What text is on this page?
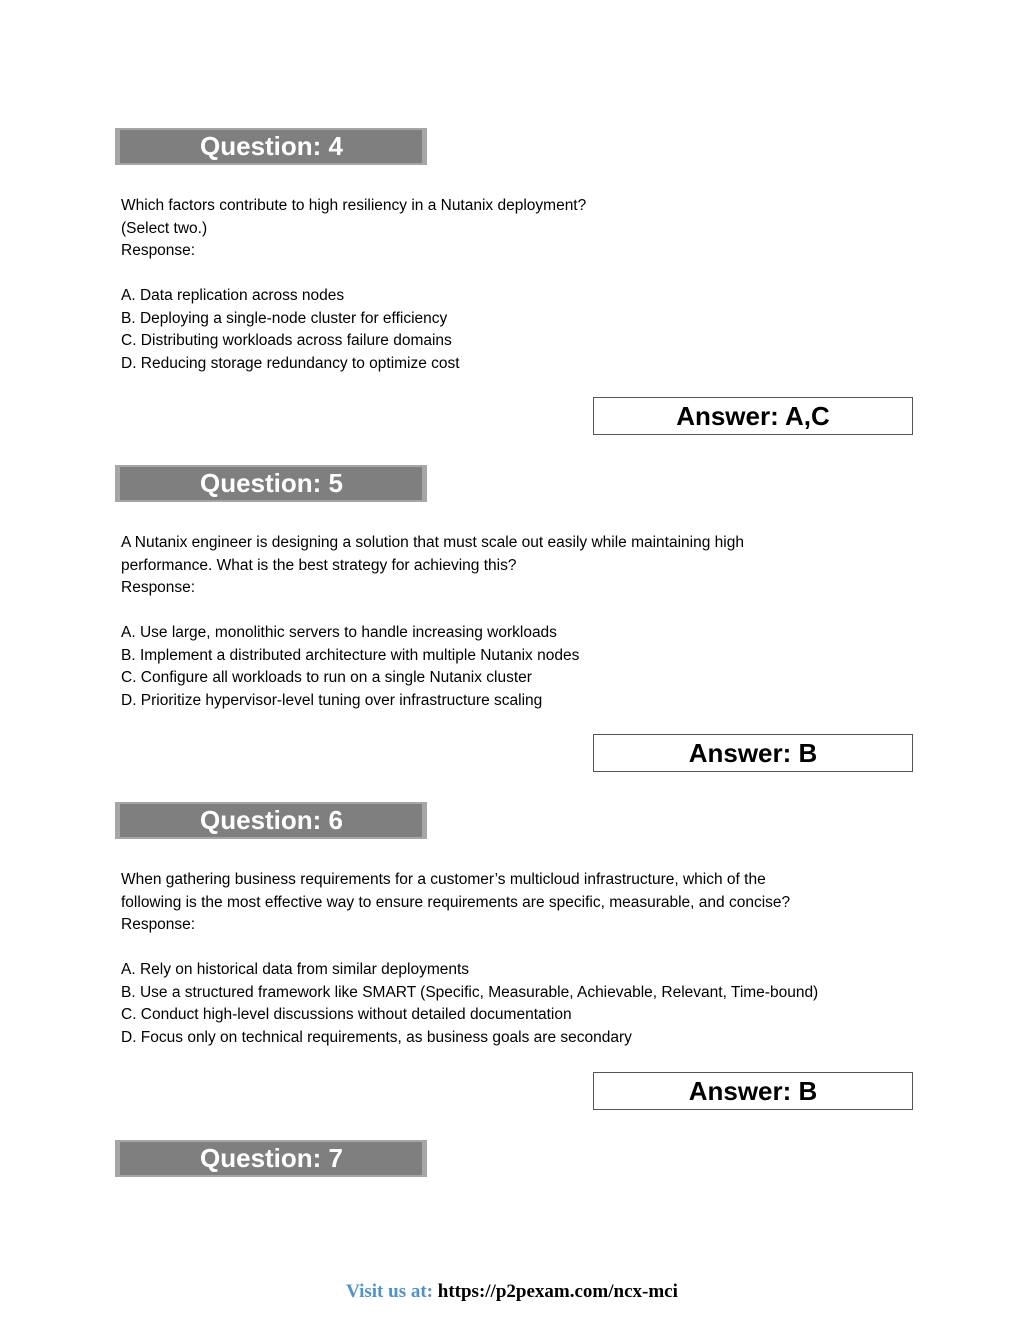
Question: 4

Which factors contribute to high resiliency in a Nutanix deployment?

(Select two.)

Response:

A. Data replication across nodes

B. Deploying a single-node cluster for efficiency

C. Distributing workloads across failure domains

D. Reducing storage redundancy to optimize cost

Answer: A,C
Question: 5

A Nutanix engineer is designing a solution that must scale out easily while maintaining high

performance. What is the best strategy for achieving this?

Response:

A. Use large, monolithic servers to handle increasing workloads

B. Implement a distributed architecture with multiple Nutanix nodes

C. Configure all workloads to run on a single Nutanix cluster

D. Prioritize hypervisor-level tuning over infrastructure scaling

Answer: B
Question: 6

When gathering business requirements for a customer’s multicloud infrastructure, which of the

following is the most effective way to ensure requirements are specific, measurable, and concise?

Response:

A. Rely on historical data from similar deployments

B. Use a structured framework like SMART (Specific, Measurable, Achievable, Relevant, Time-bound)

C. Conduct high-level discussions without detailed documentation

D. Focus only on technical requirements, as business goals are secondary

Answer: B
Question: 7
Visit us at: https://p2pexam.com/ncx-mci
